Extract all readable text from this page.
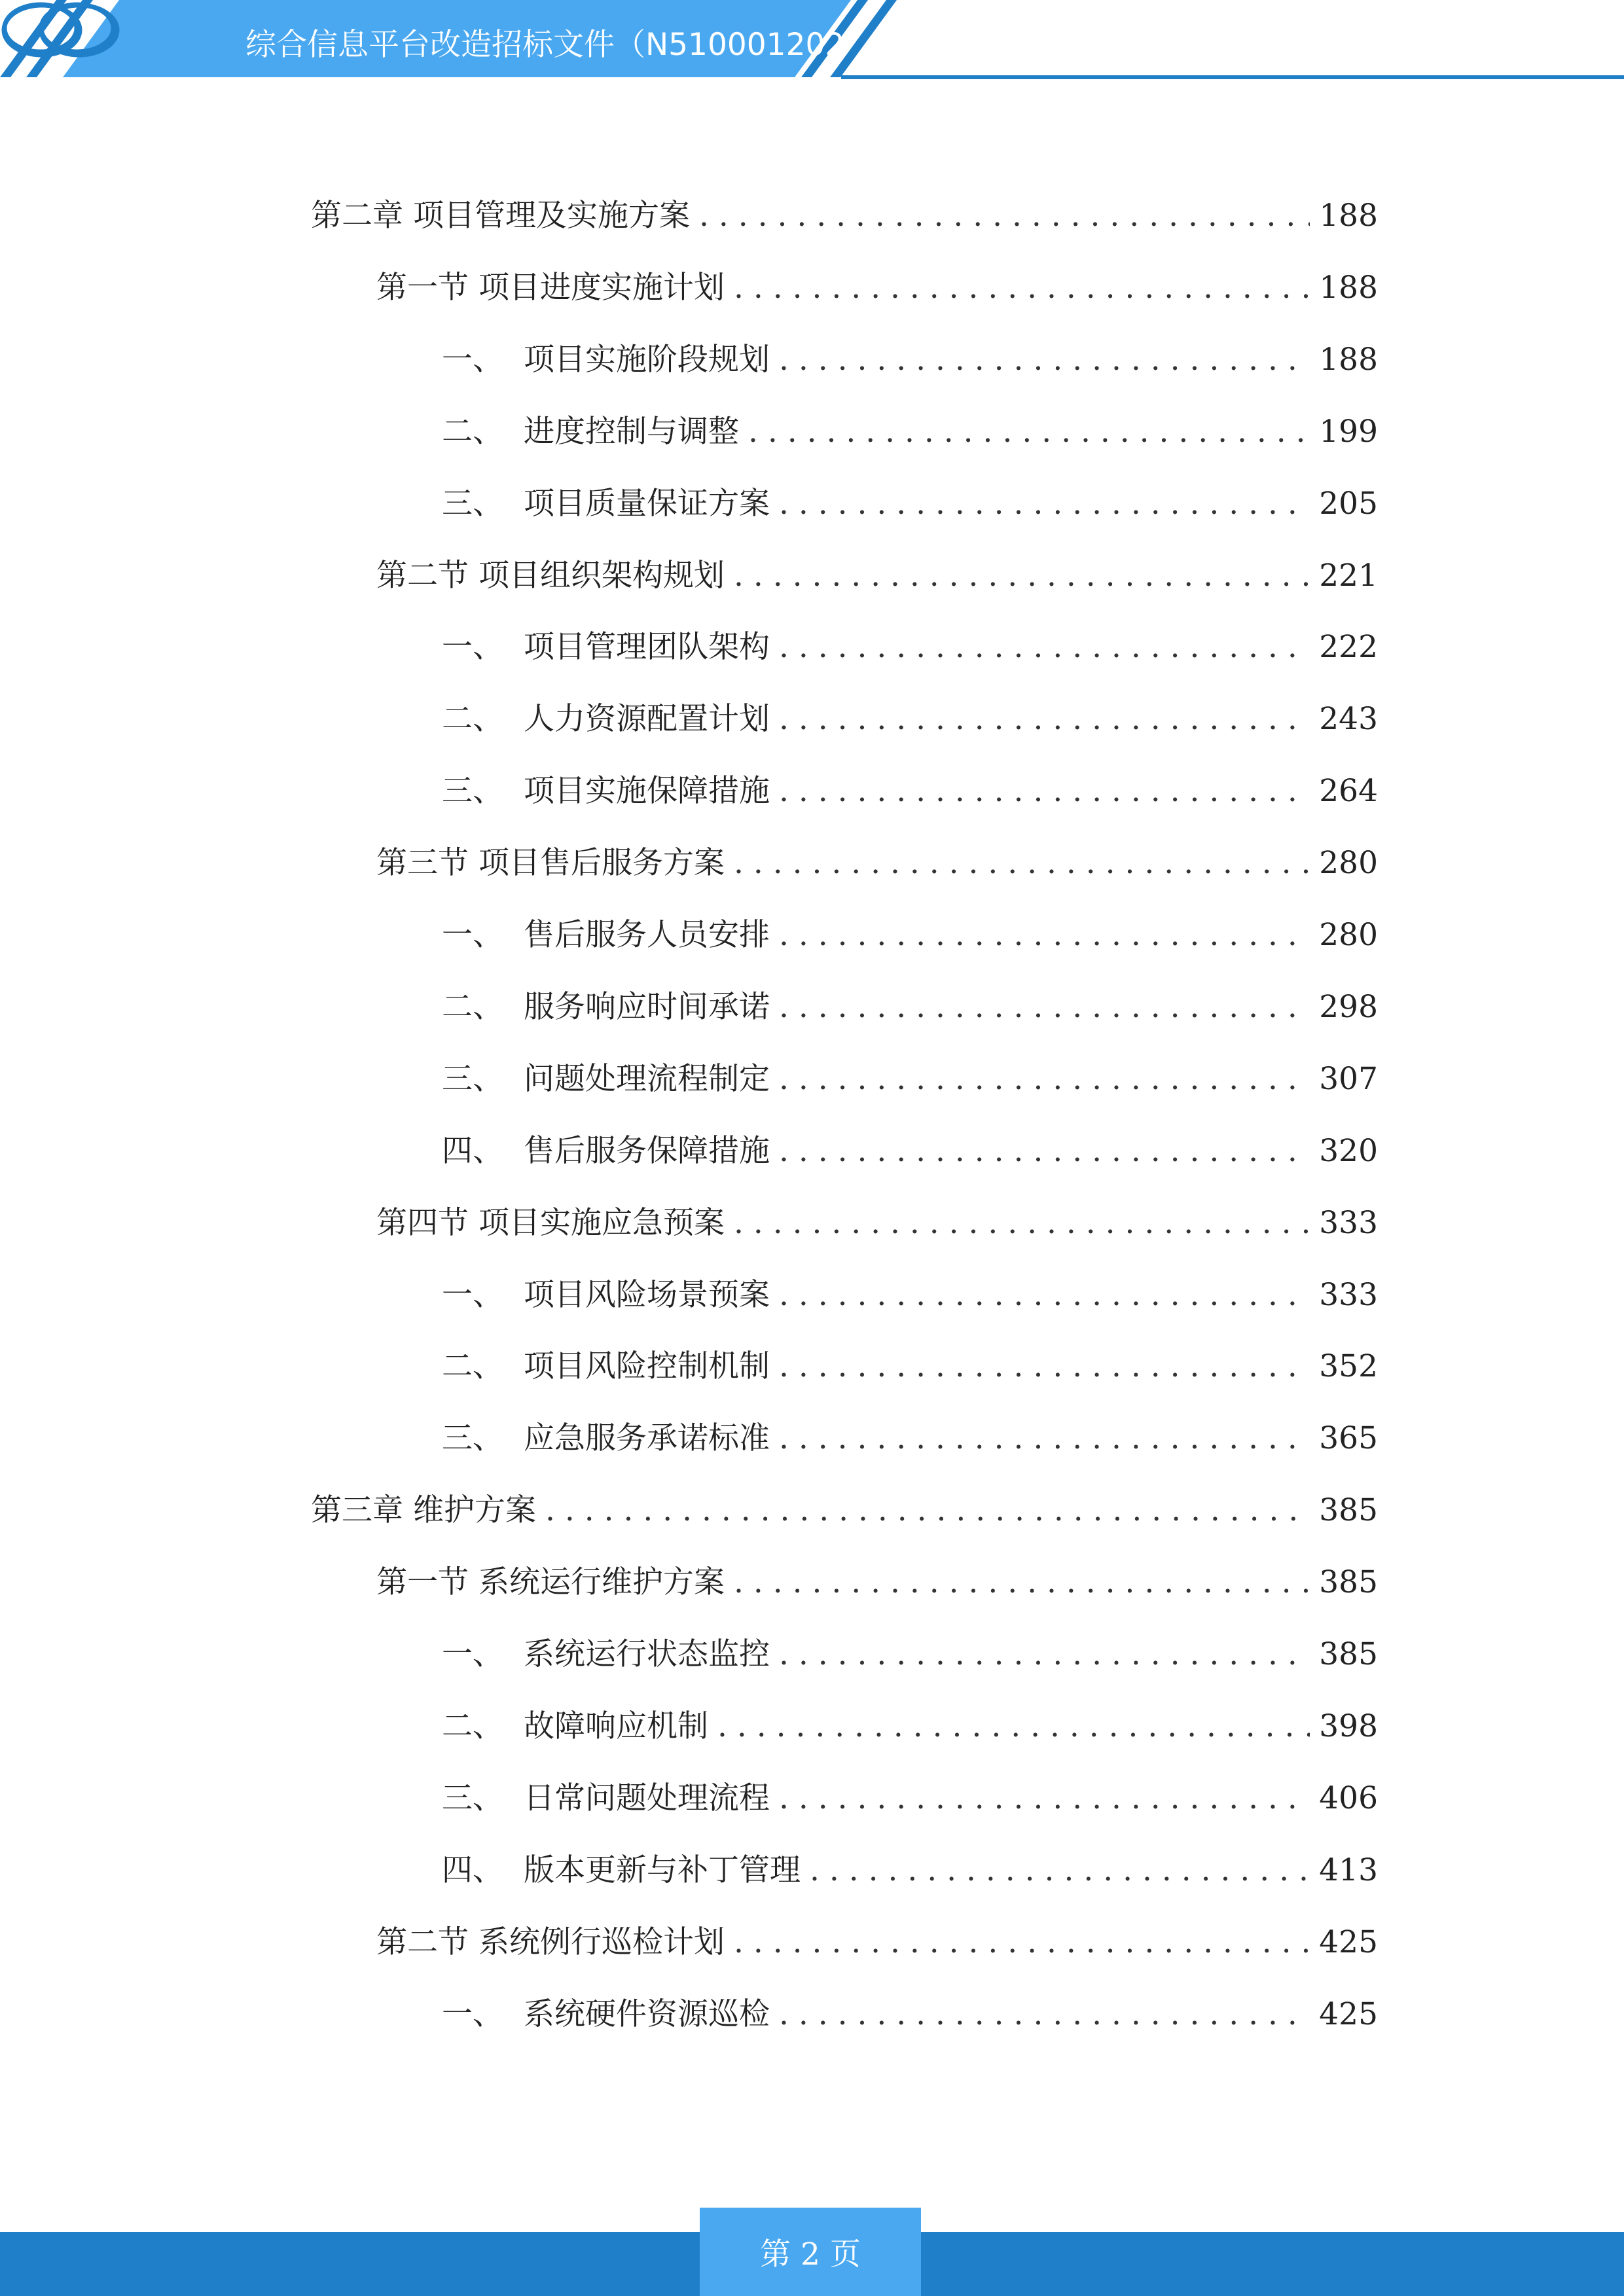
综合信息平台改造招标文件（N510001202
第二章 项目管理及实施方案 . . .	188
第一节 项目进度实施计划 . . .	188
一、 项目实施阶段规划 . . .	188
二、 进度控制与调整 . . .	199
三、 项目质量保证方案 . . .	205
第二节 项目组织架构规划 . . .	221
一、 项目管理团队架构 . . .	222
二、 人力资源配置计划 . . .	243
三、 项目实施保障措施 . . .	264
第三节 项目售后服务方案 . . .	280
一、 售后服务人员安排 . . .	280
二、 服务响应时间承诺 . . .	298
三、 问题处理流程制定 . . .	307
四、 售后服务保障措施 . . .	320
第四节 项目实施应急预案 . . .	333
一、 项目风险场景预案 . . .	333
二、 项目风险控制机制 . . .	352
三、 应急服务承诺标准 . . .	365
第三章 维护方案 . . .	385
第一节 系统运行维护方案 . . .	385
一、 系统运行状态监控 . . .	385
二、 故障响应机制 . . .	398
三、 日常问题处理流程 . . .	406
四、 版本更新与补丁管理 . . .	413
第二节 系统例行巡检计划 . . .	425
一、 系统硬件资源巡检 . . .	425
第 2 页
